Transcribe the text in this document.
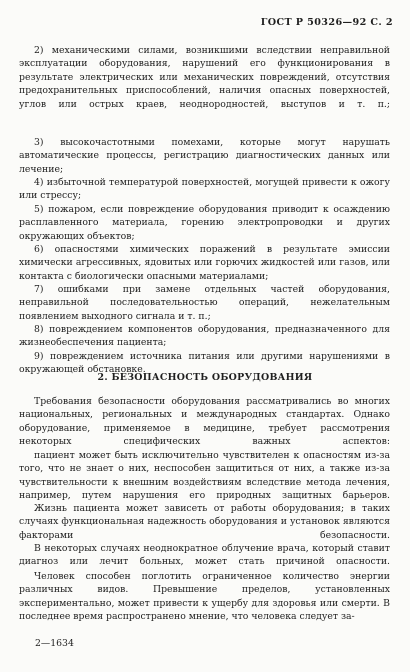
ГОСТ Р 50326—92 С. 2

2) механическими силами, возникшими вследствии неправильной эксплуатации оборудования, нарушений его функционирования в результате электрических или механических повреждений, отсутствия предохранительных приспособлений, наличия опасных поверхностей, углов или острых краев, неоднородностей, выступов и т. п.;

3) высокочастотными помехами, которые могут нарушать автоматические процессы, регистрацию диагностических данных или лечение;

4) избыточной температурой поверхностей, могущей привести к ожогу или стрессу;

5) пожаром, если повреждение оборудования приводит к осаждению расплавленного материала, горению электропроводки и других окружающих объектов;

6) опасностями химических поражений в результате эмиссии химически агрессивных, ядовитых или горючих жидкостей или газов, или контакта с биологически опасными материалами;

7) ошибками при замене отдельных частей оборудования, неправильной последовательностью операций, нежелательным появлением выходного сигнала и т. п.;

8) повреждением компонентов оборудования, предназначенного для жизнеобеспечения пациента;

9) повреждением источника питания или другими нарушениями в окружающей обстановке.

2. БЕЗОПАСНОСТЬ ОБОРУДОВАНИЯ

Требования безопасности оборудования рассматривались во многих национальных, региональных и международных стандартах. Однако оборудование, применяемое в медицине, требует рассмотрения некоторых специфических важных аспектов:

пациент может быть исключительно чувствителен к опасностям из-за того, что не знает о них, неспособен защититься от них, а также из-за чувствительности к внешним воздействиям вследствие метода лечения, например, путем нарушения его природных защитных барьеров.

Жизнь пациента может зависеть от работы оборудования; в таких случаях функциональная надежность оборудования и установок являются факторами безопасности.

В некоторых случаях неоднократное облучение врача, который ставит диагноз или лечит больных, может стать причиной опасности.

Человек способен поглотить ограниченное количество энергии различных видов. Превышение пределов, установленных экспериментально, может привести к ущербу для здоровья или смерти. В последнее время распространено мнение, что человека следует за-

2—1634
